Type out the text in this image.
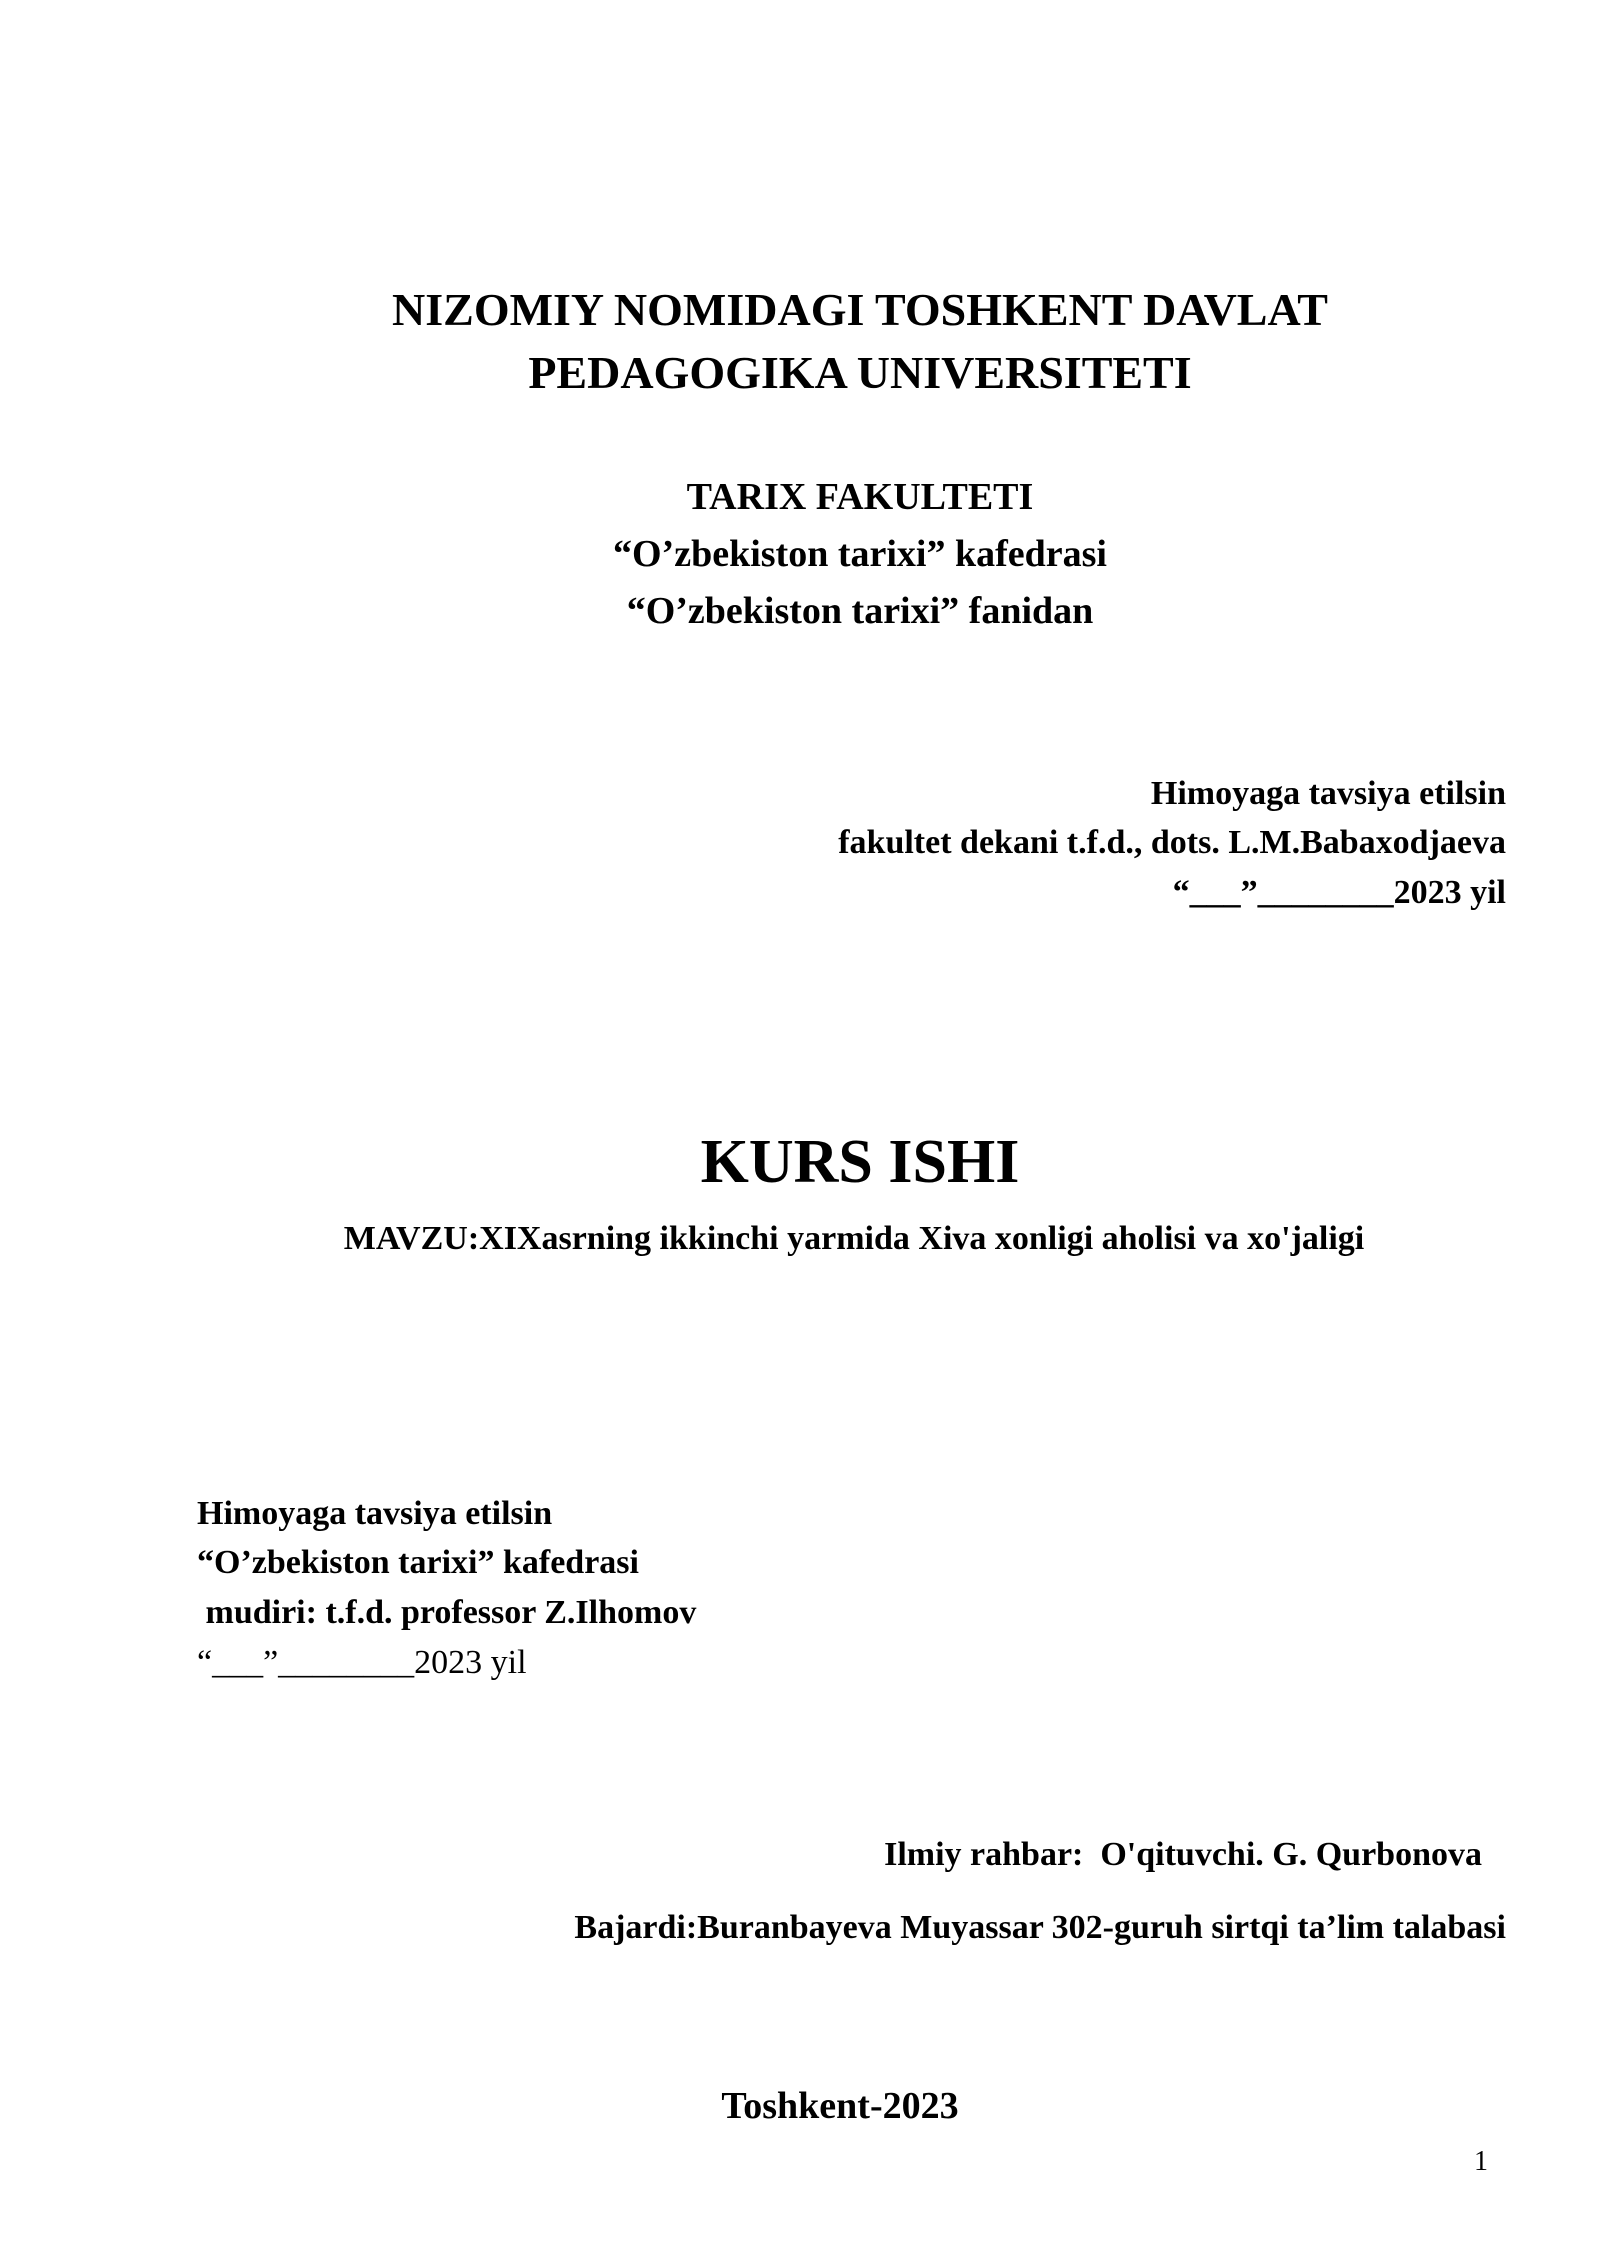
NIZOMIY NOMIDAGI TOSHKENT DAVLAT
PEDAGOGIKA UNIVERSITETI
TARIX FAKULTETI
“O’zbekiston tarixi” kafedrasi
“O’zbekiston tarixi” fanidan
Himoyaga tavsiya etilsin
fakultet dekani t.f.d., dots. L.M.Babaxodjaeva
“___”________2023 yil
KURS ISHI
MAVZU:XIXasrning ikkinchi yarmida Xiva xonligi aholisi va xo'jaligi
Himoyaga tavsiya etilsin
“O’zbekiston tarixi” kafedrasi
mudiri: t.f.d. professor Z.Ilhomov
“___”________2023 yil
Ilmiy rahbar:  O'qituvchi. G. Qurbonova
Bajardi:Buranbayeva Muyassar 302-guruh sirtqi ta’lim talabasi
Toshkent-2023
1
